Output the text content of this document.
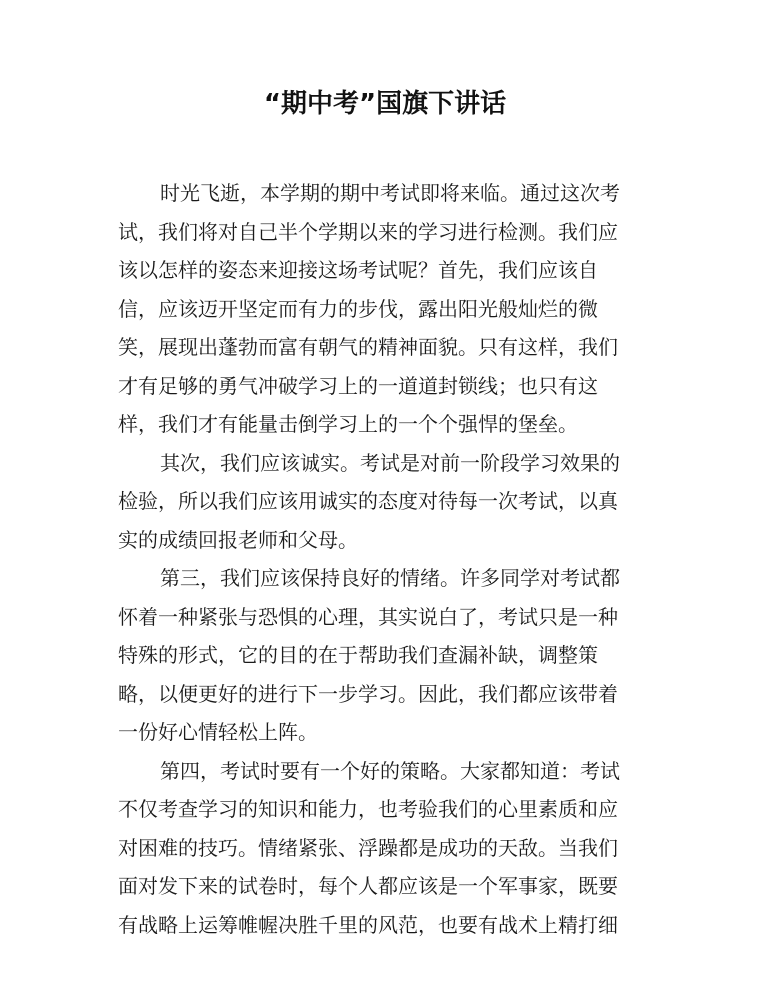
“期中考”国旗下讲话
时光飞逝，本学期的期中考试即将来临。通过这次考
试，我们将对自己半个学期以来的学习进行检测。我们应
该以怎样的姿态来迎接这场考试呢？首先，我们应该自
信，应该迈开坚定而有力的步伐，露出阳光般灿烂的微
笑，展现出蓬勃而富有朝气的精神面貌。只有这样，我们
才有足够的勇气冲破学习上的一道道封锁线；也只有这
样，我们才有能量击倒学习上的一个个强悍的堡垒。
其次，我们应该诚实。考试是对前一阶段学习效果的
检验，所以我们应该用诚实的态度对待每一次考试，以真
实的成绩回报老师和父母。
第三，我们应该保持良好的情绪。许多同学对考试都
怀着一种紧张与恐惧的心理，其实说白了，考试只是一种
特殊的形式，它的目的在于帮助我们查漏补缺，调整策
略，以便更好的进行下一步学习。因此，我们都应该带着
一份好心情轻松上阵。
第四，考试时要有一个好的策略。大家都知道：考试
不仅考查学习的知识和能力，也考验我们的心里素质和应
对困难的技巧。情绪紧张、浮躁都是成功的天敌。当我们
面对发下来的试卷时，每个人都应该是一个军事家，既要
有战略上运筹帷幄决胜千里的风范，也要有战术上精打细
